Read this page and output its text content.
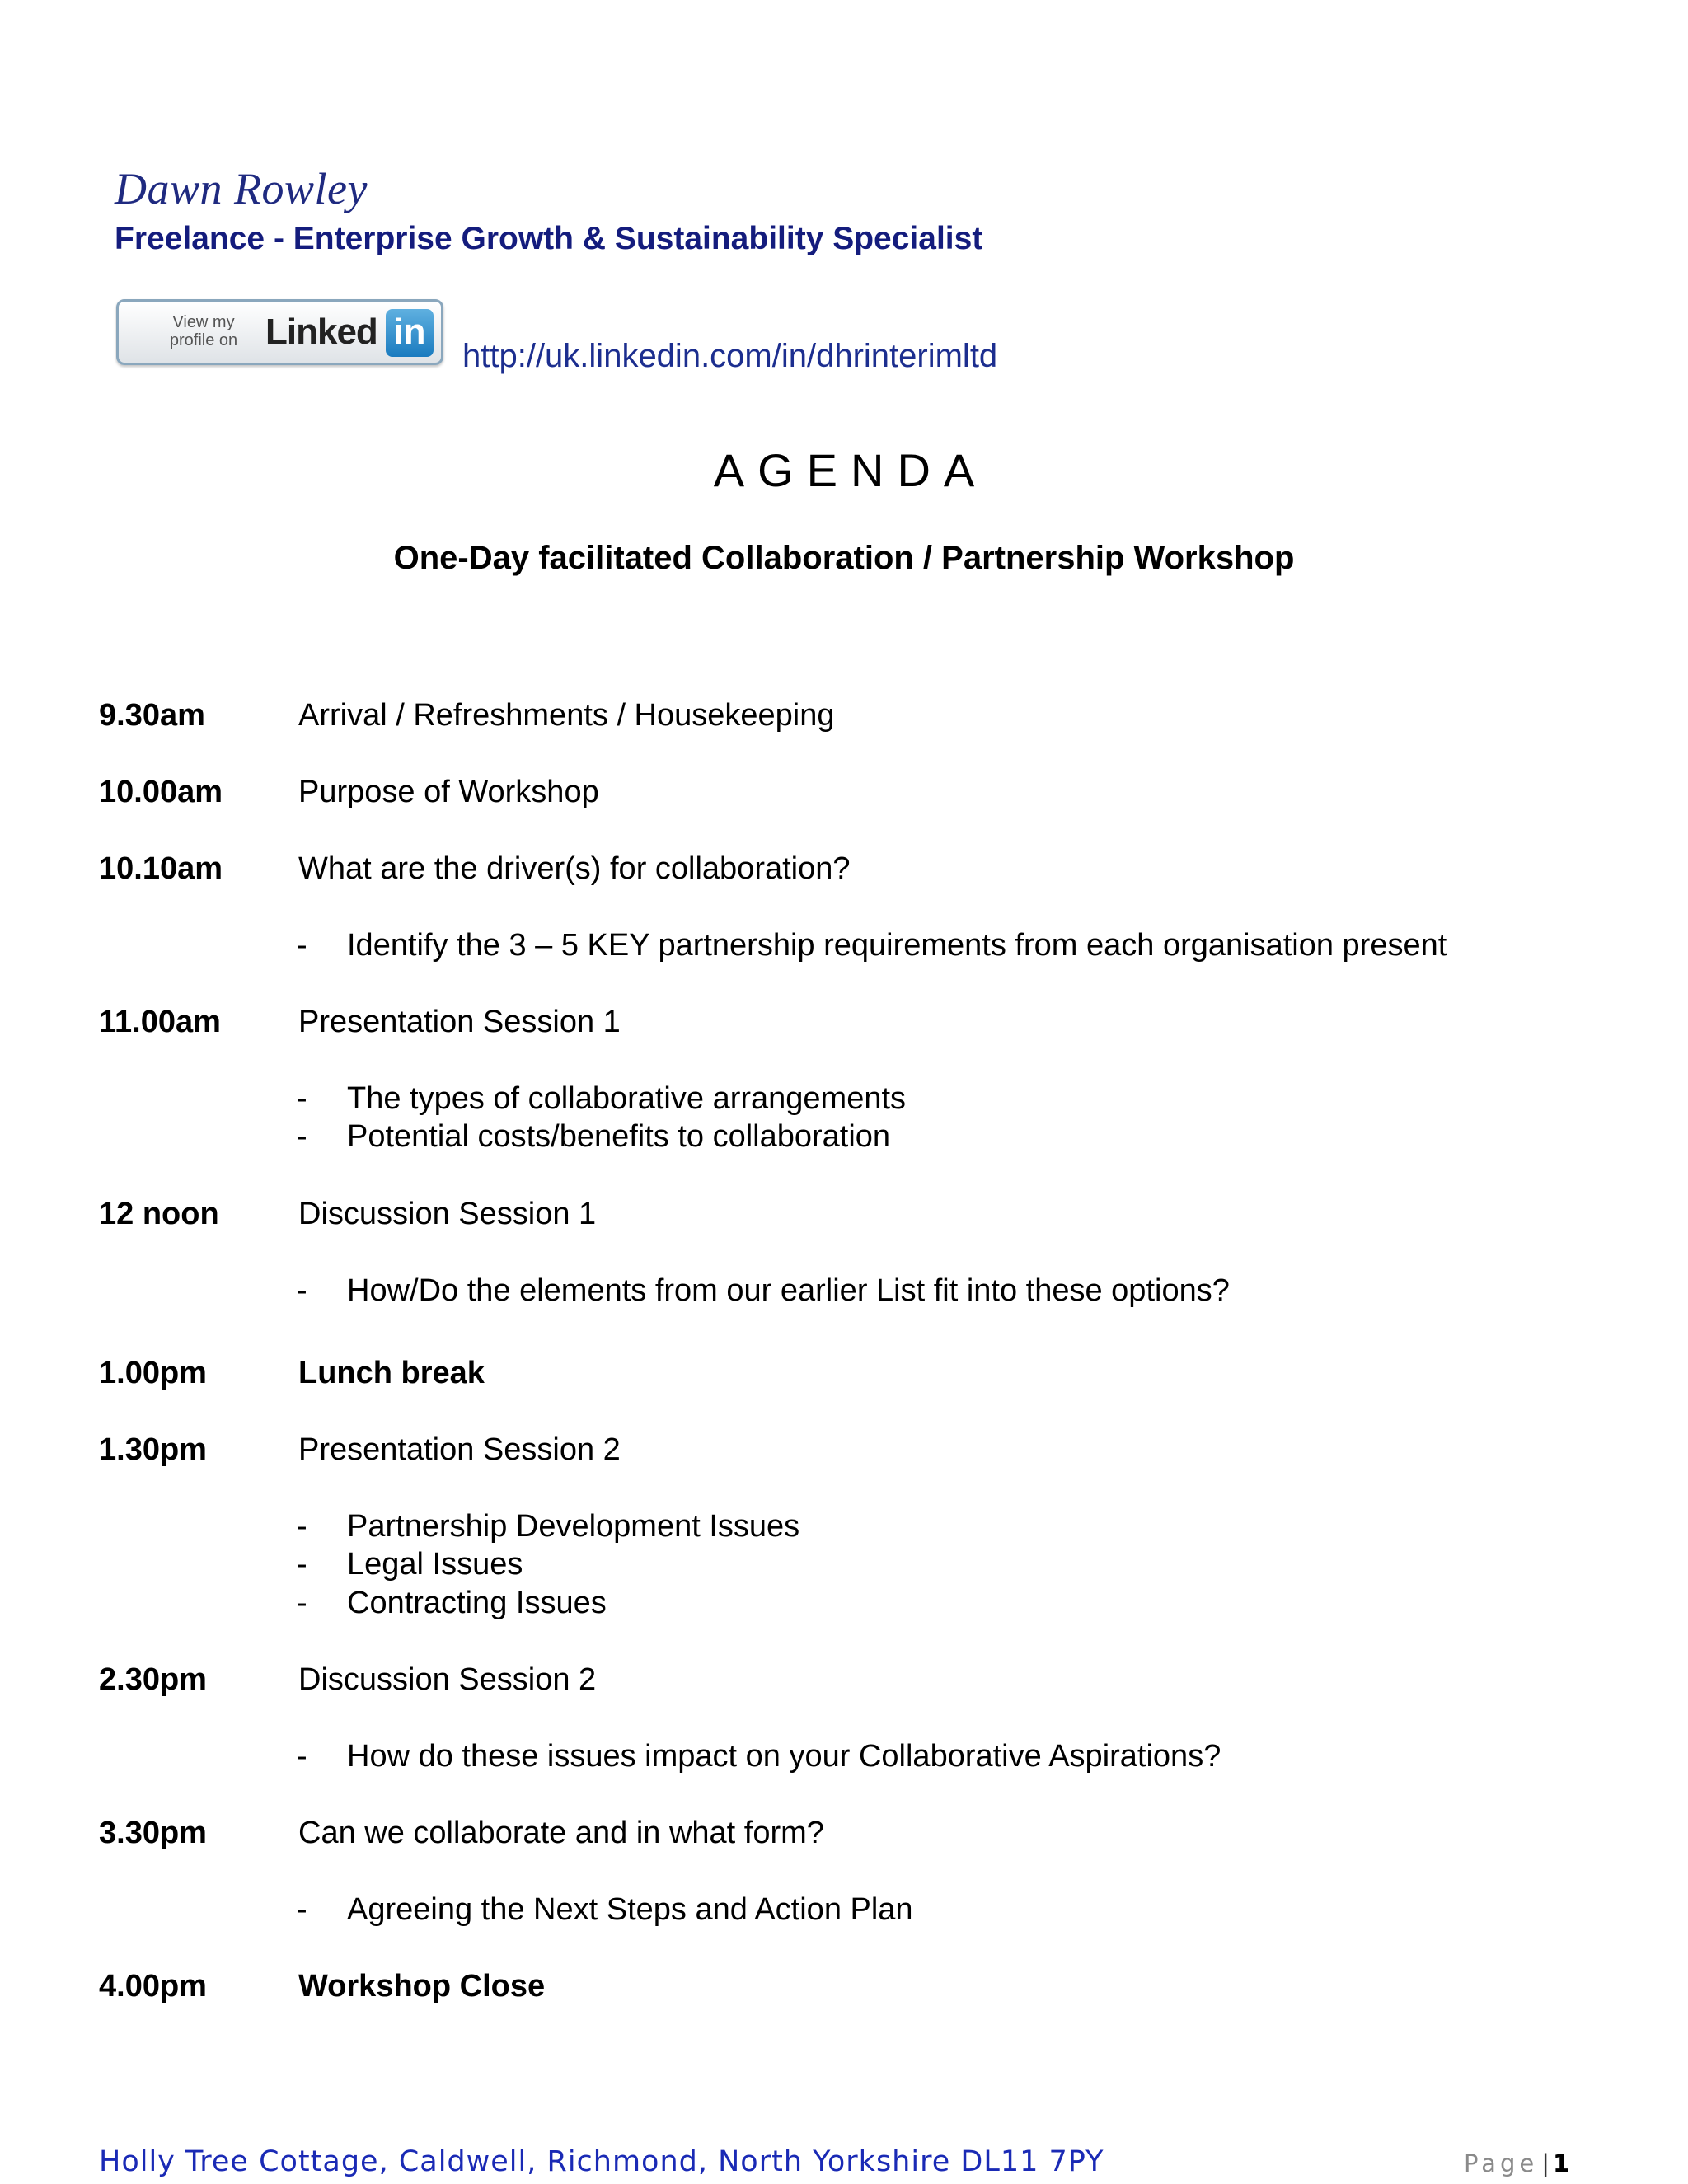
Dawn Rowley
Freelance - Enterprise Growth & Sustainability Specialist
View my
profile on Linked in
http://uk.linkedin.com/in/dhrinterimltd
AGENDA
One-Day facilitated Collaboration / Partnership Workshop
9.30am	Arrival / Refreshments / Housekeeping
10.00am Purpose of Workshop
10.10am What are the driver(s) for collaboration?
- Identify the 3 – 5 KEY partnership requirements from each organisation present
11.00am Presentation Session 1
- The types of collaborative arrangements
- Potential costs/benefits to collaboration
12 noon	Discussion Session 1
- How/Do the elements from our earlier List fit into these options?
1.00pm	Lunch break
1.30pm	Presentation Session 2
- Partnership Development Issues
- Legal Issues
- Contracting Issues
2.30pm	Discussion Session 2
- How do these issues impact on your Collaborative Aspirations?
3.30pm	Can we collaborate and in what form?
- Agreeing the Next Steps and Action Plan
4.00pm	Workshop Close
Holly Tree Cottage, Caldwell, Richmond, North Yorkshire DL11 7PY	Page | 1
